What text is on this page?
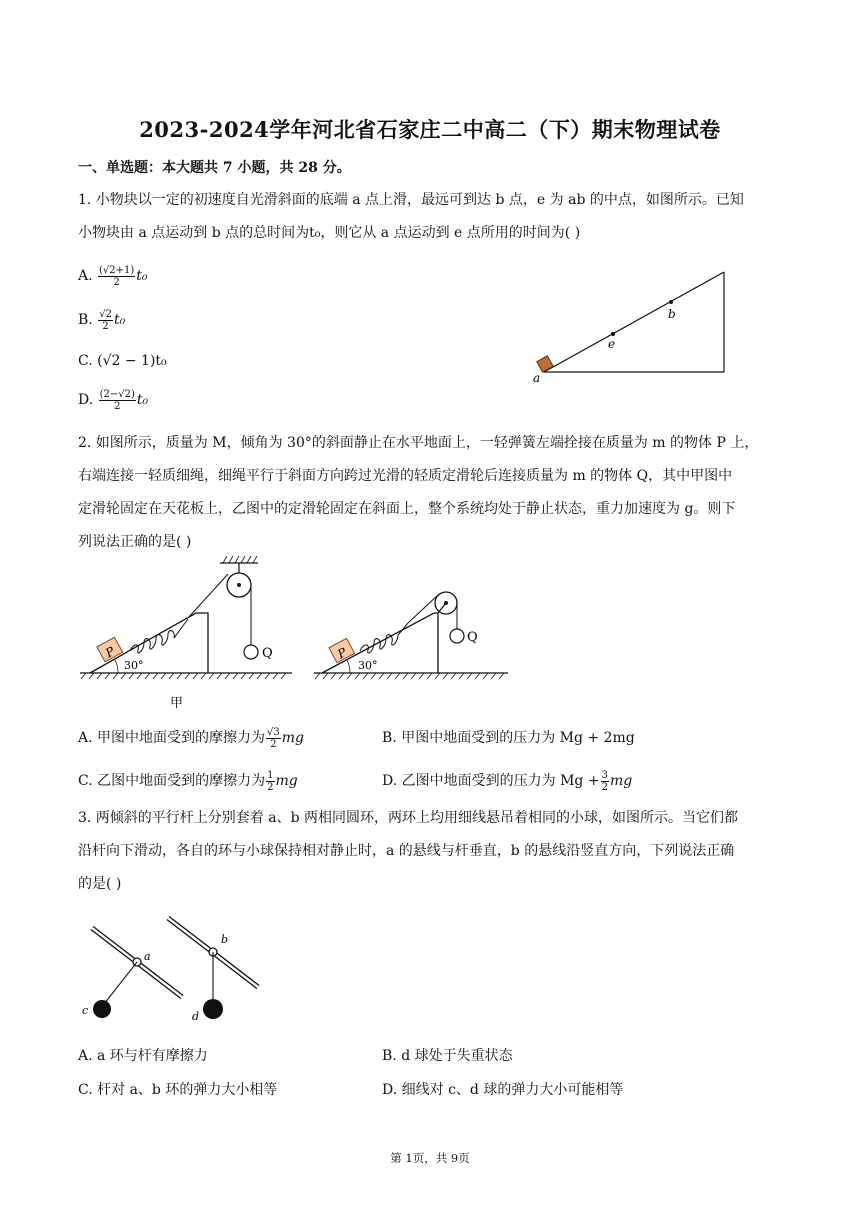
2023-2024学年河北省石家庄二中高二（下）期末物理试卷
一、单选题：本大题共 7 小题，共 28 分。
1. 小物块以一定的初速度自光滑斜面的底端 a 点上滑，最远可到达 b 点，e 为 ab 的中点，如图所示。已知
小物块由 a 点运动到 b 点的总时间为t₀，则它从 a 点运动到 e 点所用的时间为( )
A. $\frac{(√2+1)}{2} t_0$
B. $\frac{√2}{2} t_0$
C. (√2 − 1)t₀
D. $\frac{(2-√2)}{2} t_0$
a
e
b
2. 如图所示，质量为 M，倾角为 30°的斜面静止在水平地面上，一轻弹簧左端拴接在质量为 m 的物体 P 上，
右端连接一轻质细绳，细绳平行于斜面方向跨过光滑的轻质定滑轮后连接质量为 m 的物体 Q，其中甲图中
定滑轮固定在天花板上，乙图中的定滑轮固定在斜面上，整个系统均处于静止状态，重力加速度为 g。则下
列说法正确的是( )
Q
P
30°
甲
Q
P
30°
A. 甲图中地面受到的摩擦力为 $\frac{√3}{2}$ mg	B. 甲图中地面受到的压力为 Mg + 2mg
C. 乙图中地面受到的摩擦力为 $\frac{1}{2}$ mg	D. 乙图中地面受到的压力为 $Mg + \frac{3}{2}$ mg
3. 两倾斜的平行杆上分别套着 a、b 两相同圆环，两环上均用细线悬吊着相同的小球，如图所示。当它们都
沿杆向下滑动，各自的环与小球保持相对静止时，a 的悬线与杆垂直，b 的悬线沿竖直方向，下列说法正确
的是( )
a
c
b
d
A. a 环与杆有摩擦力	B. d 球处于失重状态
C. 杆对 a、b 环的弹力大小相等	D. 细线对 c、d 球的弹力大小可能相等
第 1页，共 9页
